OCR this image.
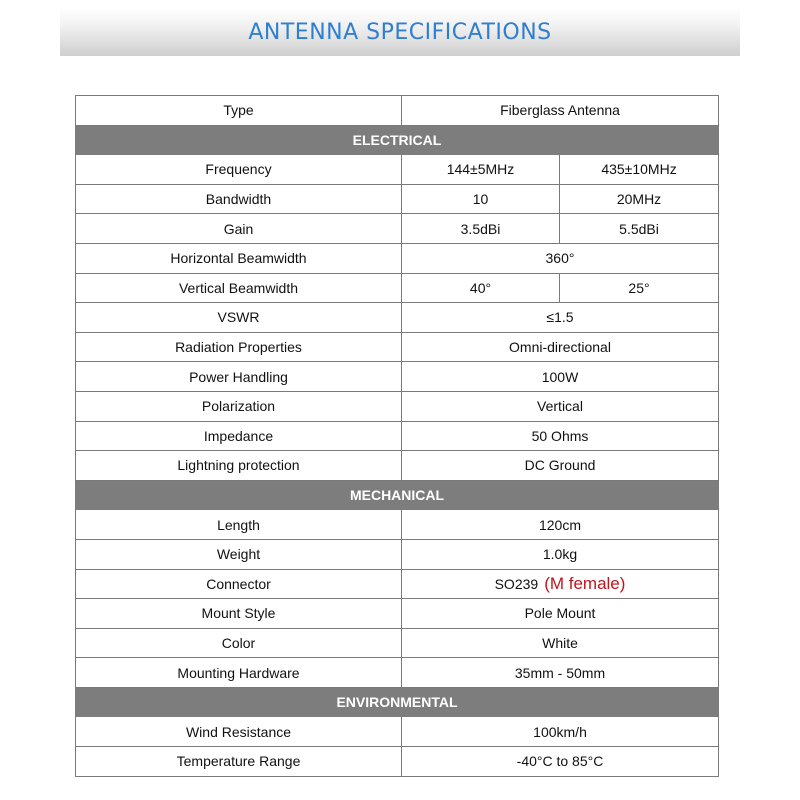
ANTENNA SPECIFICATIONS
Type	Fiberglass Antenna	
ELECTRICAL		
Frequency	144±5MHz	435±10MHz
Bandwidth	10	20MHz
Gain	3.5dBi	5.5dBi
Horizontal Beamwidth	360°	
Vertical Beamwidth	40°	25°
VSWR	≤1.5	
Radiation Properties	Omni-directional	
Power Handling	100W	
Polarization	Vertical	
Impedance	50 Ohms	
Lightning protection	DC Ground	
MECHANICAL		
Length	120cm	
Weight	1.0kg	
Connector	SO239 (M female)	
Mount Style	Pole Mount	
Color	White	
Mounting Hardware	35mm - 50mm	
ENVIRONMENTAL		
Wind Resistance	100km/h	
Temperature Range	-40°C to 85°C	
